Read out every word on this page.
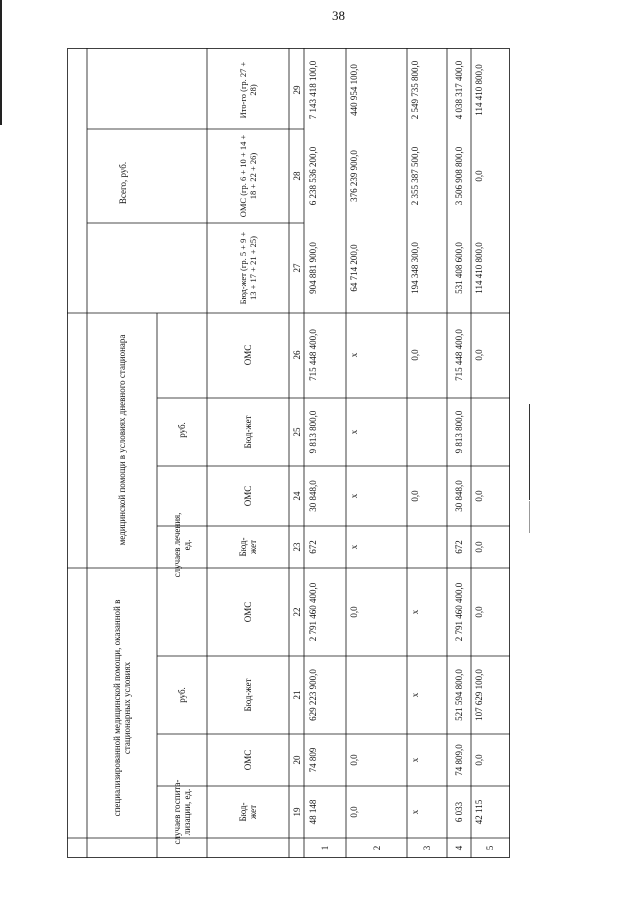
38
Всего, руб.
медицинской помощи в условиях дневного стационара
специализированной медицинской помощи, оказанной в стационарных условиях
руб.
случаев лечения, ед.
руб.
случаев госпита- лизации, ед.
Ито-го (гр. 27 + 28)
ОМС (гр. 6 + 10 + 14 + 18 + 22 + 26)
Бюд-жет (гр. 5 + 9 + 13 + 17 + 21 + 25)
ОМС
Бюд-жет
ОМС
Бюд- жет
ОМС
Бюд-жет
ОМС
Бюд- жет	19
20
21
22
23
24
25
26
27
28
29
1
48 148
74 809
629 223 900,0
2 791 460 400,0
672
30 848,0
9 813 800,0
715 448 400,0
904 881 900,0
6 238 536 200,0
7 143 418 100,0
2
0,0
0,0
0,0
x
x
x
x
64 714 200,0
376 239 900,0
440 954 100,0
3
x
x
x
x
0,0
0,0
194 348 300,0
2 355 387 500,0
2 549 735 800,0
4
6 033
74 809,0
521 594 800,0
2 791 460 400,0
672
30 848,0
9 813 800,0
715 448 400,0
531 408 600,0
3 506 908 800,0
4 038 317 400,0
5
42 115
0,0
107 629 100,0
0,0
0,0
0,0
0,0
114 410 800,0
0,0
114 410 800,0
